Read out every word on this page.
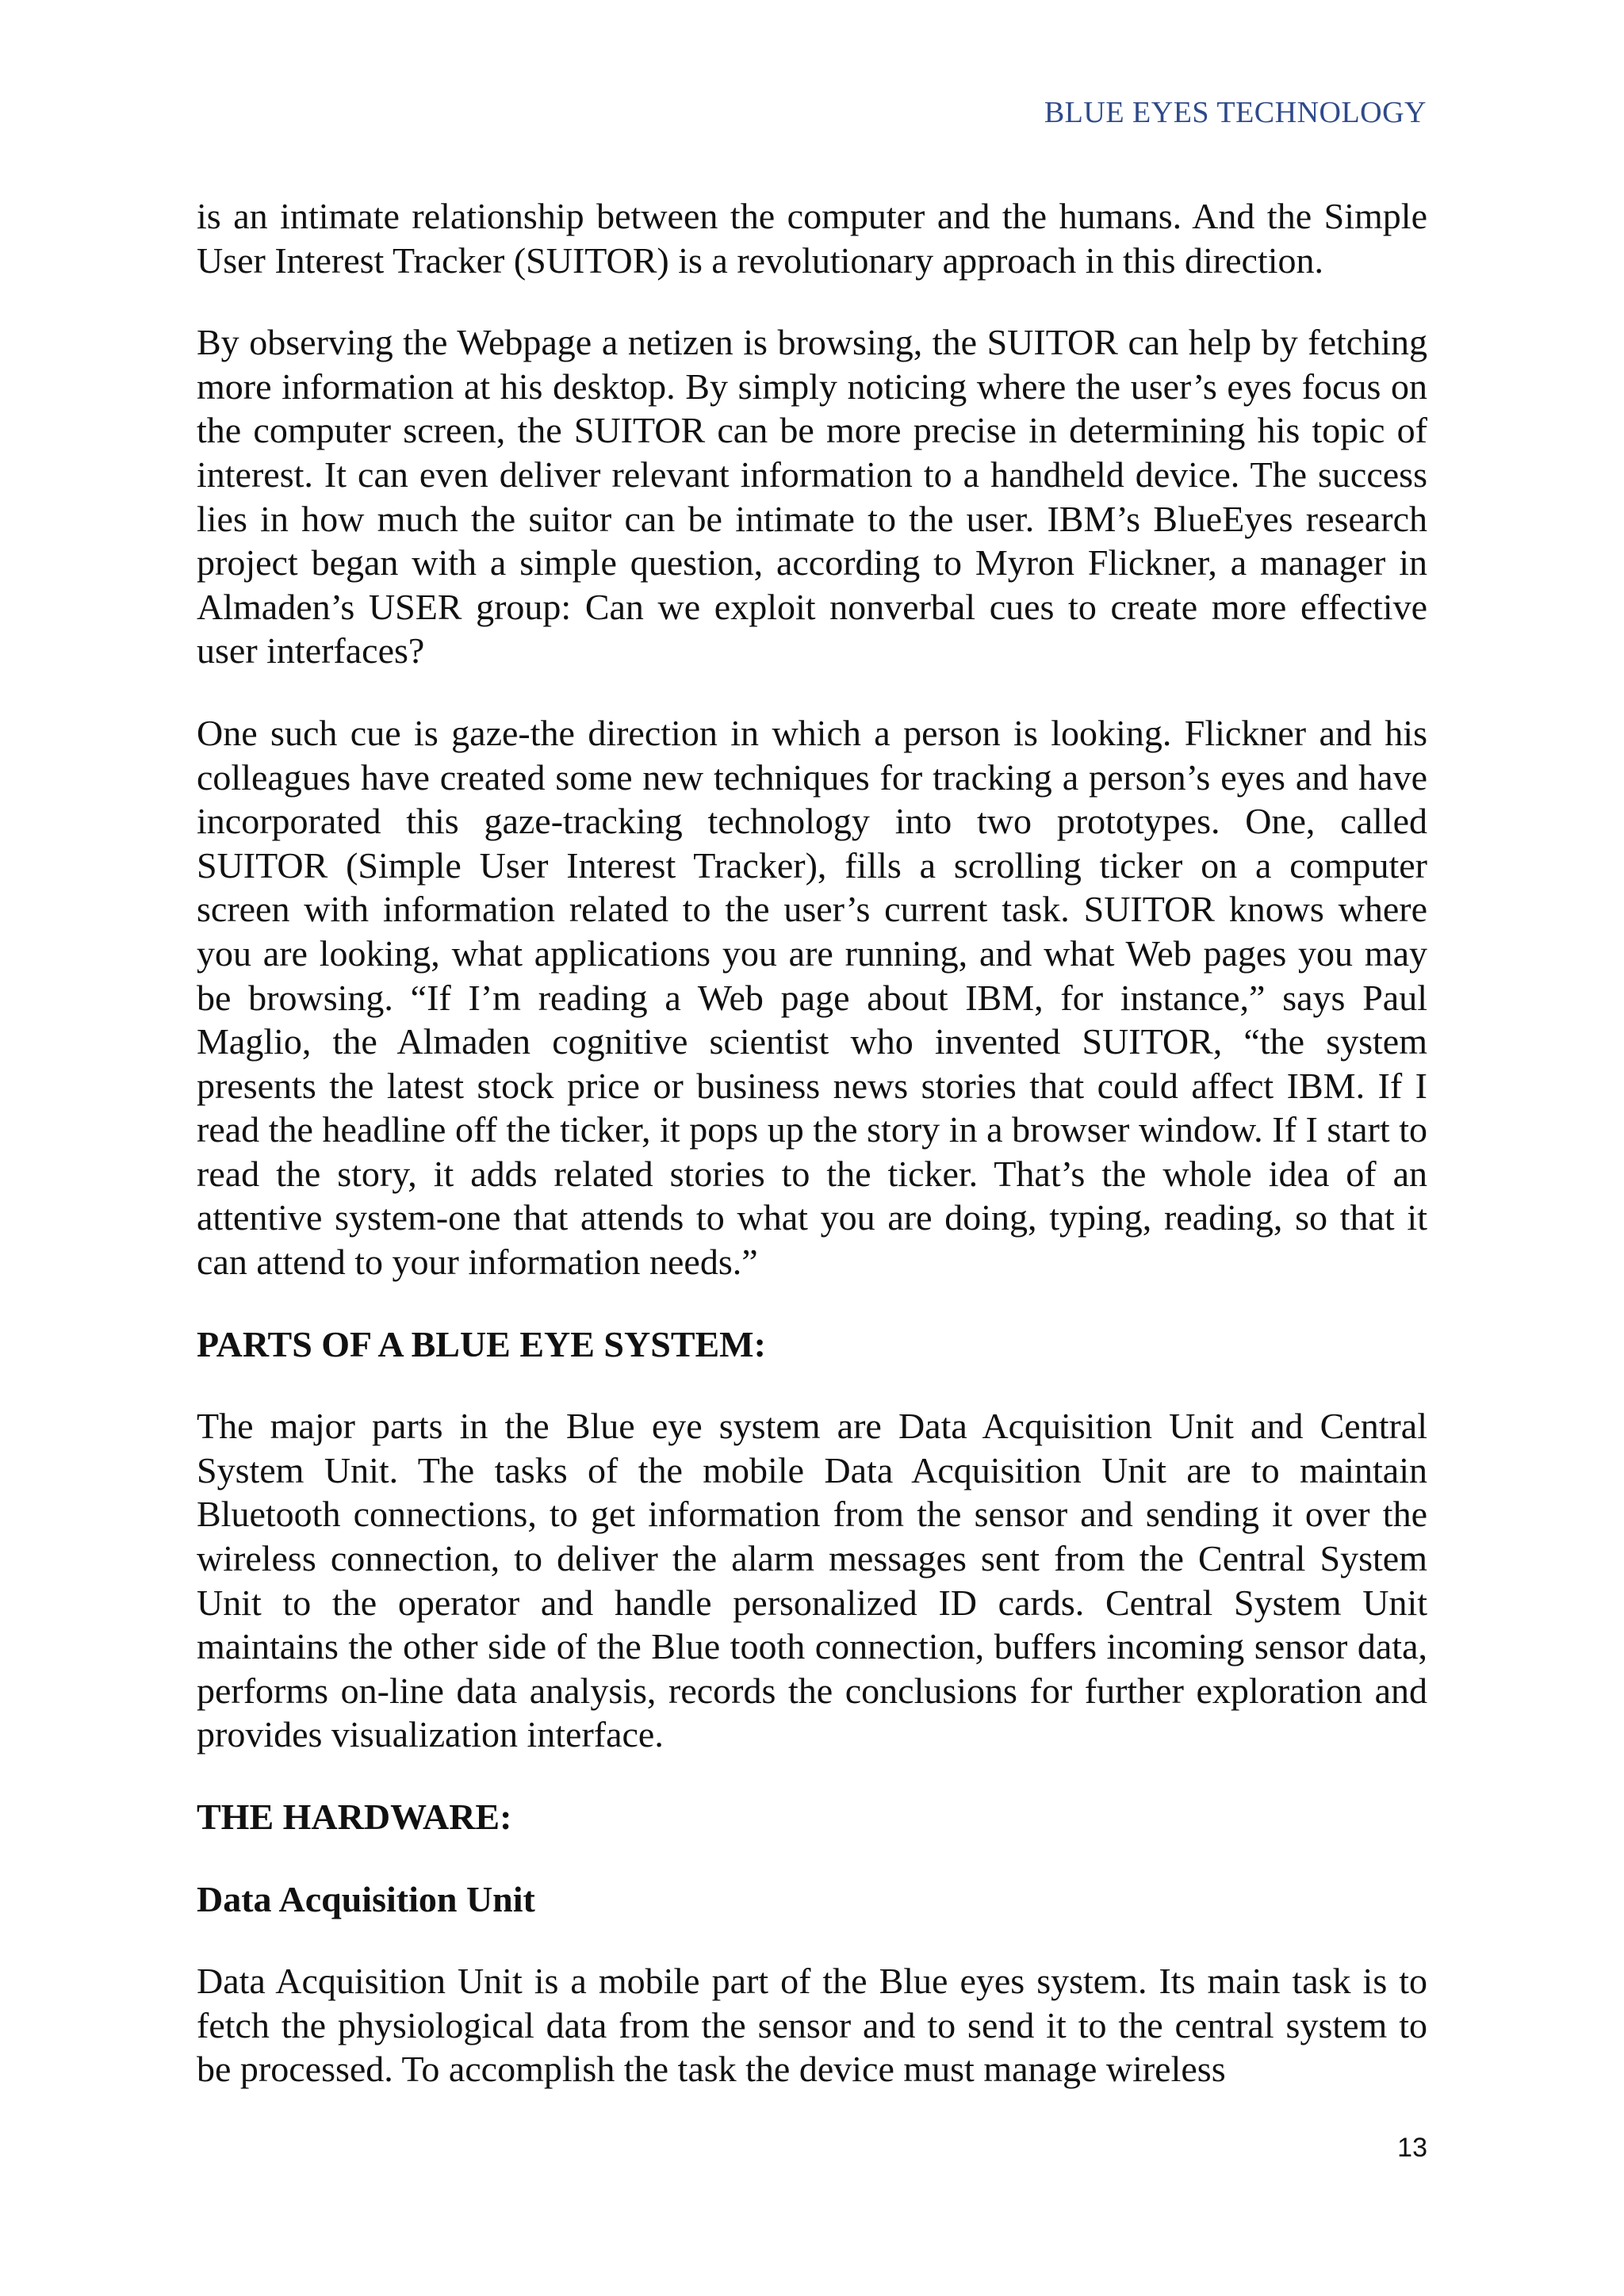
BLUE EYES TECHNOLOGY

is an intimate relationship between the computer and the humans. And the Simple User Interest Tracker (SUITOR) is a revolutionary approach in this direction.

By observing the Webpage a netizen is browsing, the SUITOR can help by fetching more information at his desktop. By simply noticing where the user’s eyes focus on the computer screen, the SUITOR can be more precise in determining his topic of interest. It can even deliver relevant information to a handheld device. The success lies in how much the suitor can be intimate to the user. IBM’s BlueEyes research project began with a simple question, according to Myron Flickner, a manager in Almaden’s USER group: Can we exploit nonverbal cues to create more effective user interfaces?

One such cue is gaze-the direction in which a person is looking. Flickner and his colleagues have created some new techniques for tracking a person’s eyes and have incorporated this gaze-tracking technology into two prototypes. One, called SUITOR (Simple User Interest Tracker), fills a scrolling ticker on a computer screen with information related to the user’s current task. SUITOR knows where you are looking, what applications you are running, and what Web pages you may be browsing. “If I’m reading a Web page about IBM, for instance,” says Paul Maglio, the Almaden cognitive scientist who invented SUITOR, “the system presents the latest stock price or business news stories that could affect IBM. If I read the headline off the ticker, it pops up the story in a browser window. If I start to read the story, it adds related stories to the ticker. That’s the whole idea of an attentive system-one that attends to what you are doing, typing, reading, so that it can attend to your information needs.”

PARTS OF A BLUE EYE SYSTEM:

The major parts in the Blue eye system are Data Acquisition Unit and Central System Unit. The tasks of the mobile Data Acquisition Unit are to maintain Bluetooth connections, to get information from the sensor and sending it over the wireless connection, to deliver the alarm messages sent from the Central System Unit to the operator and handle personalized ID cards. Central System Unit maintains the other side of the Blue tooth connection, buffers incoming sensor data, performs on-line data analysis, records the conclusions for further exploration and provides visualization interface.

THE HARDWARE:
Data Acquisition Unit

Data Acquisition Unit is a mobile part of the Blue eyes system. Its main task is to fetch the physiological data from the sensor and to send it to the central system to be processed. To accomplish the task the device must manage wireless

13
